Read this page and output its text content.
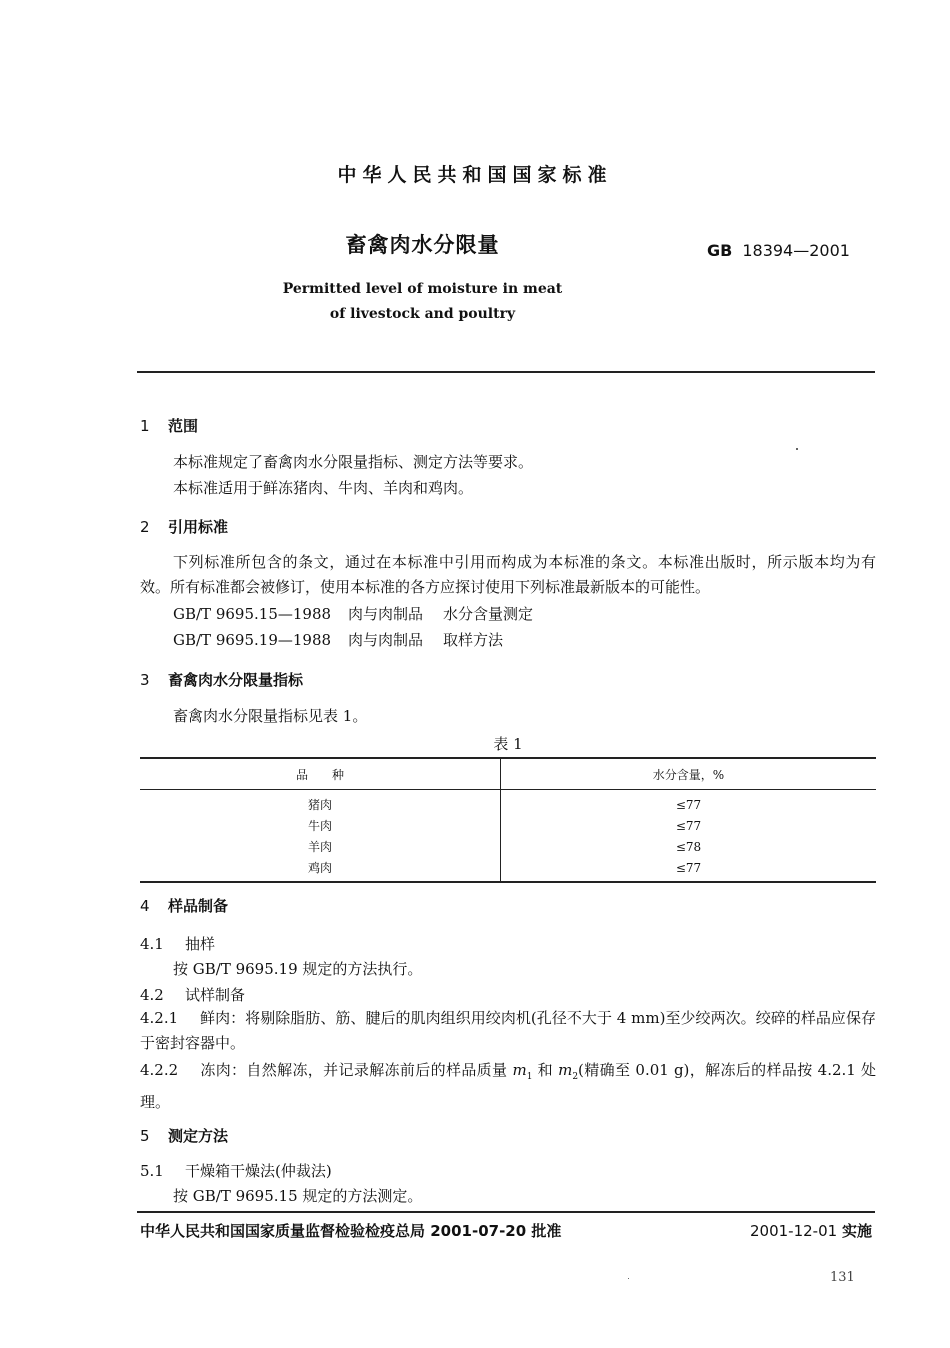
中华人民共和国国家标准
畜禽肉水分限量	GB 18394—2001
Permitted level of moisture in meat
of livestock and poultry
1 范围
本标准规定了畜禽肉水分限量指标、测定方法等要求。
本标准适用于鲜冻猪肉、牛肉、羊肉和鸡肉。
2 引用标准
下列标准所包含的条文，通过在本标准中引用而构成为本标准的条文。本标准出版时，所示版本均为有效。所有标准都会被修订，使用本标准的各方应探讨使用下列标准最新版本的可能性。
GB/T 9695.15—1988 肉与肉制品 水分含量测定
GB/T 9695.19—1988 肉与肉制品 取样方法
3 畜禽肉水分限量指标
畜禽肉水分限量指标见表 1。
表 1
品　　种	水分含量，%
猪肉	≤77
牛肉	≤77
羊肉	≤78
鸡肉	≤77
4 样品制备
4.1 抽样
按 GB/T 9695.19 规定的方法执行。
4.2 试样制备
4.2.1 鲜肉：将剔除脂肪、筋、腱后的肌肉组织用绞肉机(孔径不大于 4 mm)至少绞两次。绞碎的样品应保存于密封容器中。
4.2.2 冻肉：自然解冻，并记录解冻前后的样品质量 $m_1$ 和 $m_2$(精确至 0.01 g)，解冻后的样品按 4.2.1 处理。
5 测定方法
5.1 干燥箱干燥法(仲裁法)
按 GB/T 9695.15 规定的方法测定。
中华人民共和国国家质量监督检验检疫总局 2001-07-20 批准	2001-12-01 实施
131
